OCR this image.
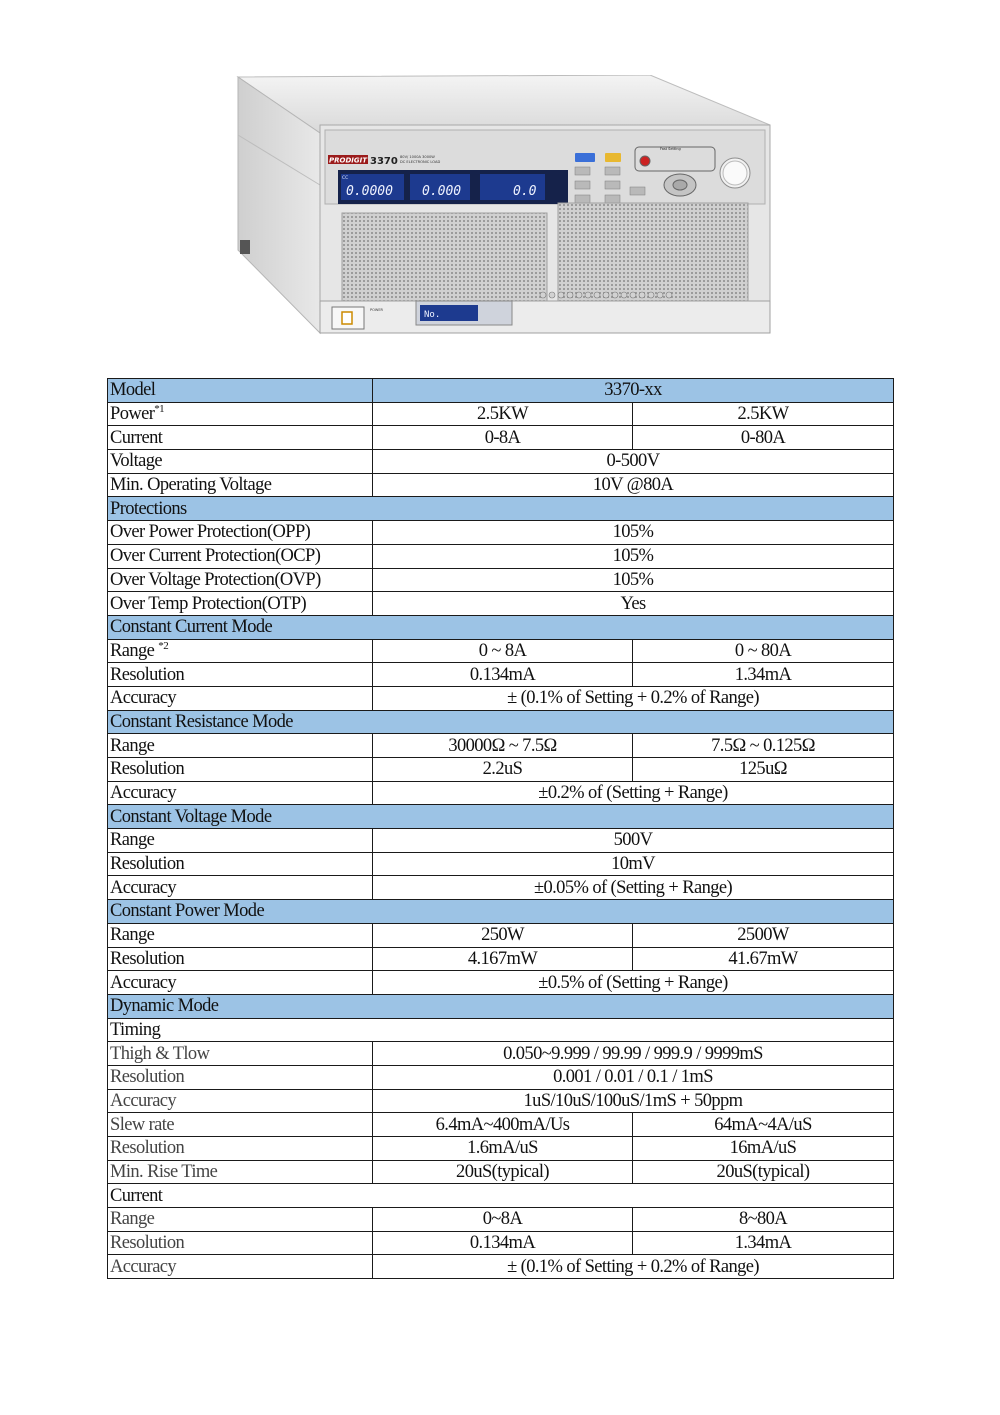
PRODIGIT 3370 80V/ 1000A 3000W
DC ELECTRONIC LOAD
CC
0.0000 0.000	0.0
Fast Setting
POWER	No.
Model	3370-xx	
Power$^{*1}$	2.5KW	2.5KW
Current	0-8A	0-80A
Voltage	0-500V	
Min. Operating Voltage	10V @80A	
Protections		
Over Power Protection(OPP)	105%	
Over Current Protection(OCP)	105%	
Over Voltage Protection(OVP)	105%	
Over Temp Protection(OTP)	Yes	
Constant Current Mode		
Range $^{*2}$	0 ~ 8A	0 ~ 80A
Resolution	0.134mA	1.34mA
Accuracy	± (0.1% of Setting + 0.2% of Range)	
Constant Resistance Mode		
Range	30000Ω ~ 7.5Ω	7.5Ω ~ 0.125Ω
Resolution	2.2uS	125uΩ
Accuracy	±0.2% of (Setting + Range)	
Constant Voltage Mode		
Range	500V	
Resolution	10mV	
Accuracy	±0.05% of (Setting + Range)	
Constant Power Mode		
Range	250W	2500W
Resolution	4.167mW	41.67mW
Accuracy	±0.5% of (Setting + Range)	
Dynamic Mode		
Timing		
Thigh & Tlow	0.050~9.999 / 99.99 / 999.9 / 9999mS	
Resolution	0.001 / 0.01 / 0.1 / 1mS	
Accuracy	1uS/10uS/100uS/1mS + 50ppm	
Slew rate	6.4mA~400mA/Us	64mA~4A/uS
Resolution	1.6mA/uS	16mA/uS
Min. Rise Time	20uS(typical)	20uS(typical)
Current		
Range	0~8A	8~80A
Resolution	0.134mA	1.34mA
Accuracy	± (0.1% of Setting + 0.2% of Range)	
